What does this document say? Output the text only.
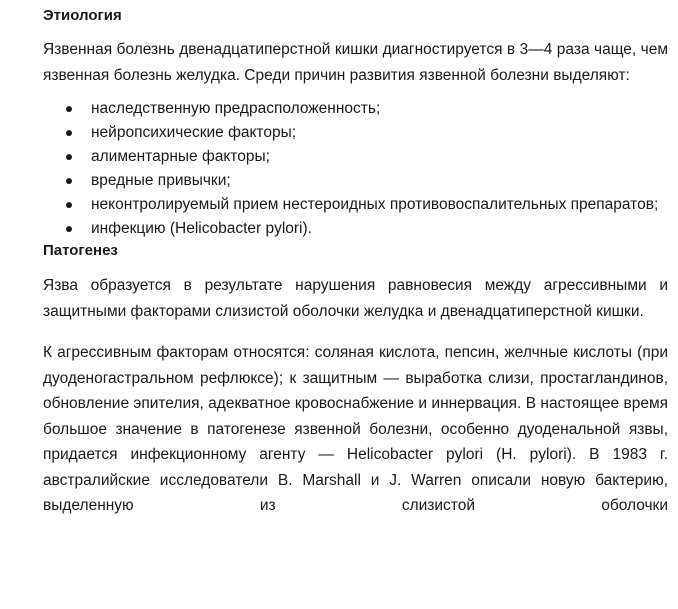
Этиология

Язвенная болезнь двенадцатиперстной кишки диагностируется в 3—4 раза чаще, чем язвенная болезнь желудка. Среди причин развития язвенной болезни выделяют:

наследственную предрасположенность;
нейропсихические факторы;
алиментарные факторы;
вредные привычки;
неконтролируемый прием нестероидных противовоспалительных препаратов;
инфекцию (Helicobacter pylori).
Патогенез

Язва образуется в результате нарушения равновесия между агрессивными и защитными факторами слизистой оболочки желудка и двенадцатиперстной кишки.

К агрессивным факторам относятся: соляная кислота, пепсин, желчные кислоты (при дуоденогастральном рефлюксе); к защитным — выработка слизи, простагландинов, обновление эпителия, адекватное кровоснабжение и иннервация. В настоящее время большое значение в патогенезе язвенной болезни, особенно дуоденальной язвы, придается инфекционному агенту — Helicobacter pylori (H. pylori). В 1983 г. австралийские исследователи B. Marshall и J. Warren описали новую бактерию, выделенную из слизистой оболочки
